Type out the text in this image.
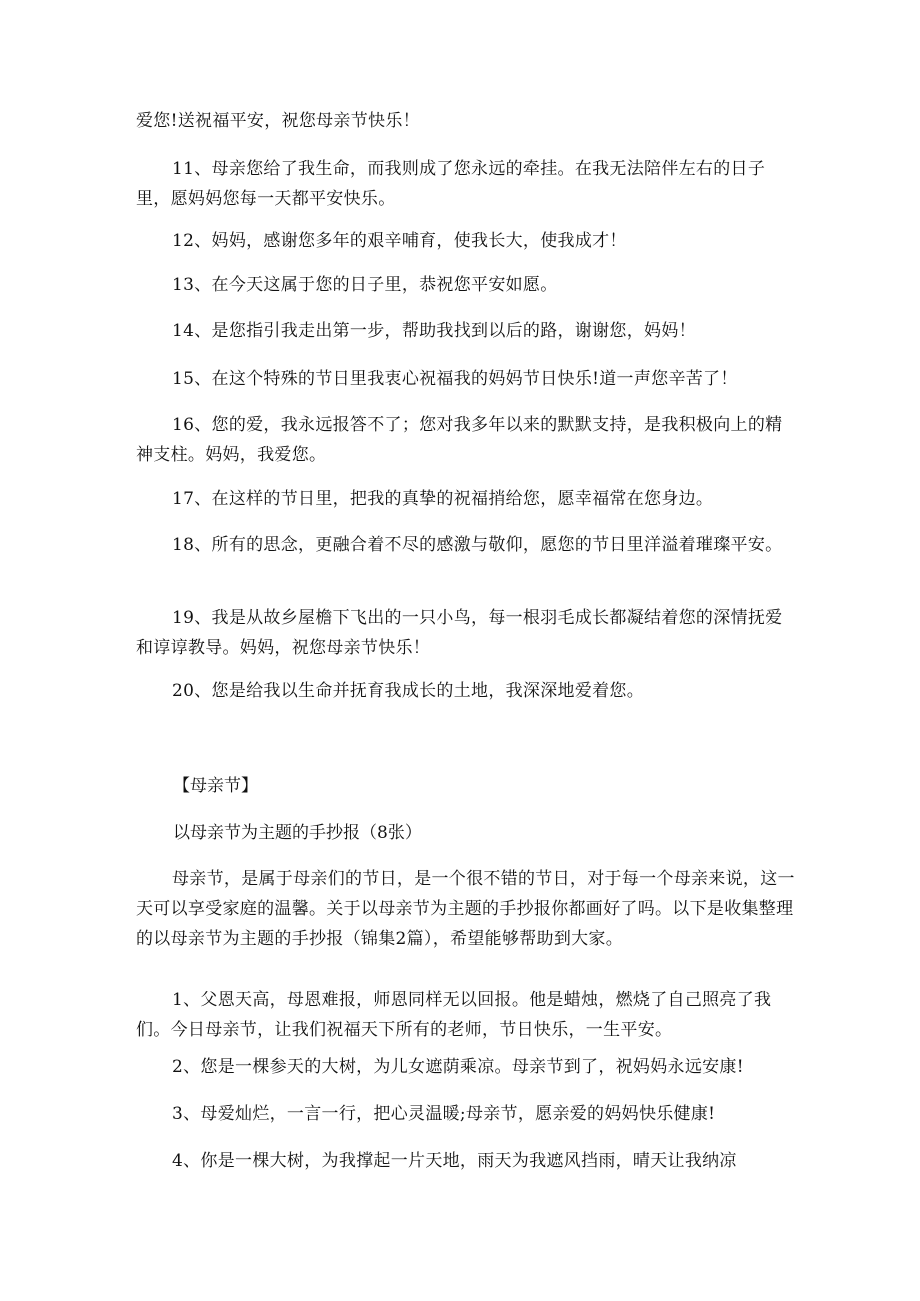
爱您!送祝福平安，祝您母亲节快乐！

11、母亲您给了我生命，而我则成了您永远的牵挂。在我无法陪伴左右的日子里，愿妈妈您每一天都平安快乐。

12、妈妈，感谢您多年的艰辛哺育，使我长大，使我成才！

13、在今天这属于您的日子里，恭祝您平安如愿。

14、是您指引我走出第一步，帮助我找到以后的路，谢谢您，妈妈！

15、在这个特殊的节日里我衷心祝福我的妈妈节日快乐!道一声您辛苦了！

16、您的爱，我永远报答不了；您对我多年以来的默默支持，是我积极向上的精神支柱。妈妈，我爱您。

17、在这样的节日里，把我的真挚的祝福捎给您，愿幸福常在您身边。

18、所有的思念，更融合着不尽的感激与敬仰，愿您的节日里洋溢着璀璨平安。

19、我是从故乡屋檐下飞出的一只小鸟，每一根羽毛成长都凝结着您的深情抚爱和谆谆教导。妈妈，祝您母亲节快乐！

20、您是给我以生命并抚育我成长的土地，我深深地爱着您。

【母亲节】

以母亲节为主题的手抄报（8张）

母亲节，是属于母亲们的节日，是一个很不错的节日，对于每一个母亲来说，这一天可以享受家庭的温馨。关于以母亲节为主题的手抄报你都画好了吗。以下是收集整理的以母亲节为主题的手抄报（锦集2篇），希望能够帮助到大家。

1、父恩天高，母恩难报，师恩同样无以回报。他是蜡烛，燃烧了自己照亮了我们。今日母亲节，让我们祝福天下所有的老师，节日快乐，一生平安。

2、您是一棵参天的大树，为儿女遮荫乘凉。母亲节到了，祝妈妈永远安康!

3、母爱灿烂，一言一行，把心灵温暖;母亲节，愿亲爱的妈妈快乐健康!

4、你是一棵大树，为我撑起一片天地，雨天为我遮风挡雨，晴天让我纳凉
